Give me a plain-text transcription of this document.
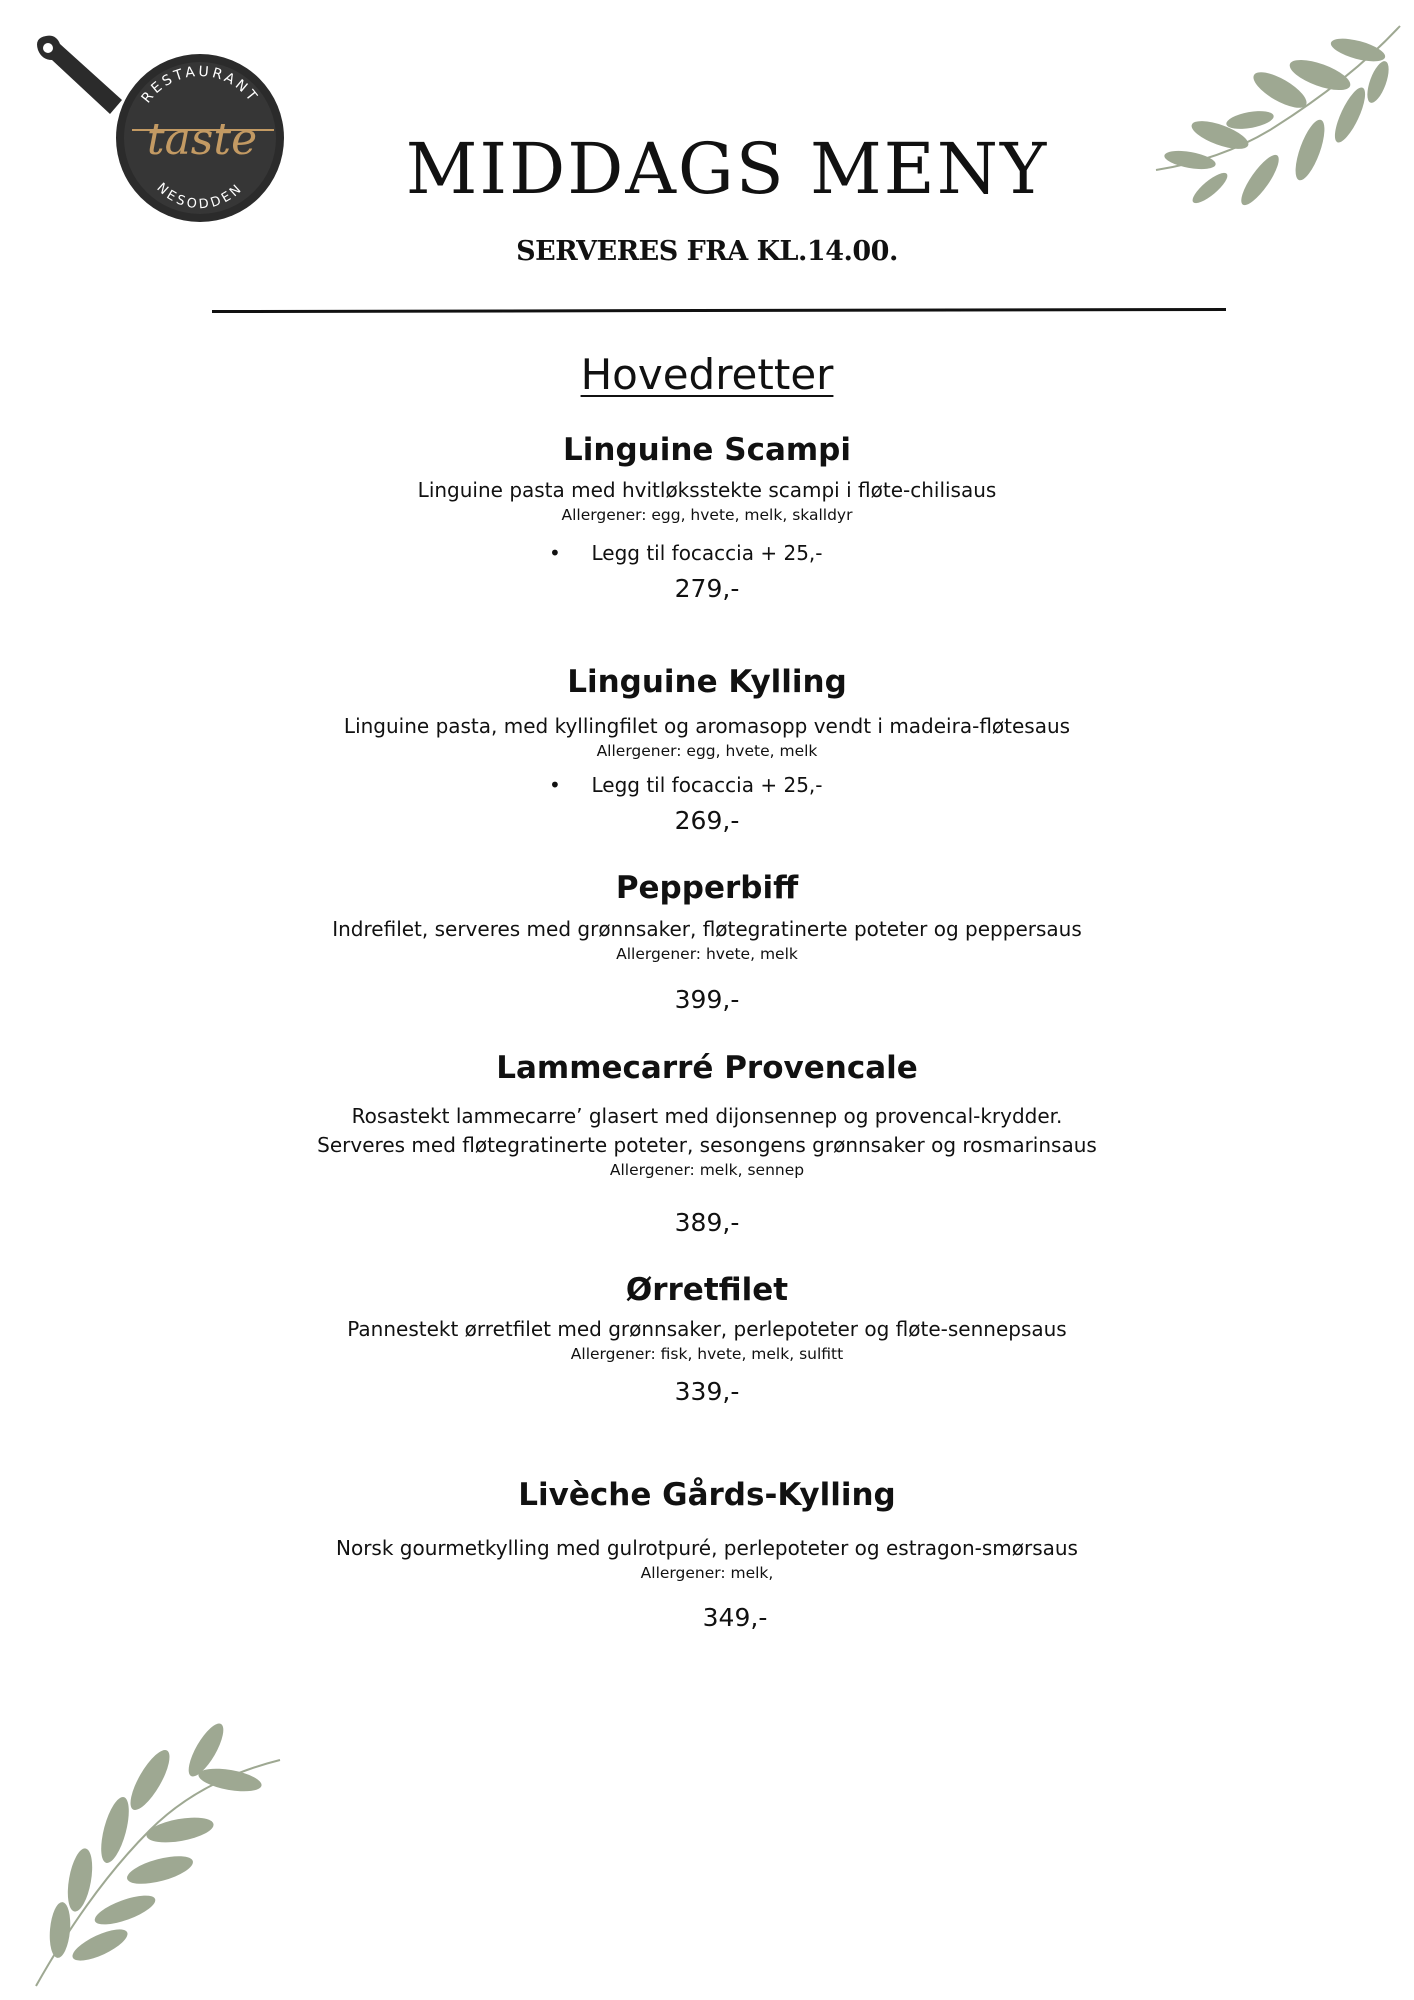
RESTAURANT
NESODDEN
taste	MIDDAGS MENY
SERVERES FRA KL.14.00.
Hovedretter
Linguine Scampi
Linguine pasta med hvitløksstekte scampi i fløte-chilisaus
Allergener: egg, hvete, melk, skalldyr
•	Legg til focaccia + 25,-
279,-
Linguine Kylling
Linguine pasta, med kyllingfilet og aromasopp vendt i madeira-fløtesaus
Allergener: egg, hvete, melk
•	Legg til focaccia + 25,-
269,-
Pepperbiff
Indrefilet, serveres med grønnsaker, fløtegratinerte poteter og peppersaus
Allergener: hvete, melk
399,-
Lammecarré Provencale
Rosastekt lammecarre’ glasert med dijonsennep og provencal-krydder.
Serveres med fløtegratinerte poteter, sesongens grønnsaker og rosmarinsaus
Allergener: melk, sennep
389,-
Ørretfilet
Pannestekt ørretfilet med grønnsaker, perlepoteter og fløte-sennepsaus
Allergener: fisk, hvete, melk, sulfitt
339,-
Livèche Gårds-Kylling
Norsk gourmetkylling med gulrotpuré, perlepoteter og estragon-smørsaus
Allergener: melk,
349,-
